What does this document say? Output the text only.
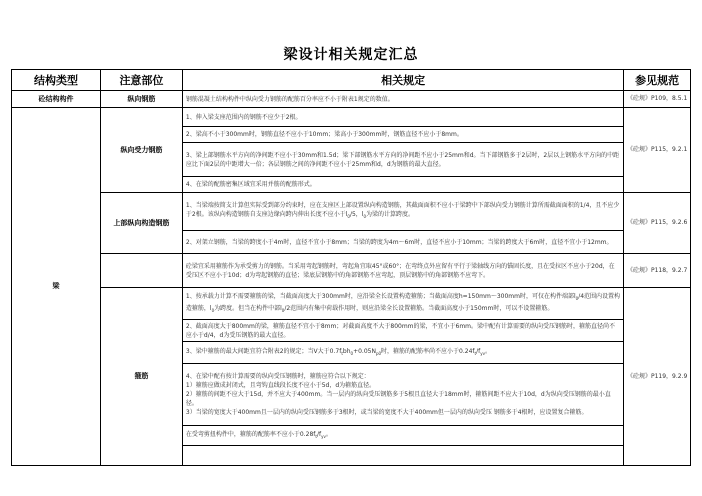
梁设计相关规定汇总
结构类型	注意部位	相关规定	参见规范
砼结构构件	纵向钢筋	钢筋混凝土结构构件中纵向受力钢筋的配筋百分率应不小于附表1规定的数值。	《砼规》P109，8.5.1
梁	纵向受力钢筋	1、伸入梁支座范围内的钢筋不应少于2根。	《砼规》P115，9.2.1
		2、梁高不小于300mm时，钢筋直径不应小于10mm；梁高小于300mm时，钢筋直径不应小于8mm。	
		3、梁上部钢筋水平方向的净间距不应小于30mm和1.5d；梁下部钢筋水平方向的净间距不应小于25mm和d。当下部钢筋多于2层时，2层以上钢筋水平方向的中距应比下面2层的中距增大一倍；各层钢筋之间的净间距不应小于25mm和d，d为钢筋的最大直径。	
		4、在梁的配筋密集区域宜采用并筋的配筋形式。	
	上部纵向构造钢筋	1、当梁端按简支计算但实际受到部分约束时，应在支座区上部设置纵向构造钢筋，其截面面积不应小于梁跨中下部纵向受力钢筋计算所需截面面积的1/4，且不应少于2根。该纵向构造钢筋自支座边缘向跨内伸出长度不应小于$l_0/5$，$l_0$为梁的计算跨度。	《砼规》P115，9.2.6
		2、对架立钢筋，当梁的跨度小于4m时，直径不宜小于8mm；当梁的跨度为4m～6m时，直径不应小于10mm；当梁的跨度大于6m时，直径不宜小于12mm。	
		砼梁宜采用箍筋作为承受剪力的钢筋。当采用弯起钢筋时，弯起角宜取45°或60°；在弯终点外应留有平行于梁轴线方向的锚固长度，且在受拉区不应小于20d，在受压区不应小于10d；d为弯起钢筋的直径；梁底层钢筋中的角部钢筋不应弯起，顶层钢筋中的角部钢筋不应弯下。	《砼规》P118，9.2.7
	箍筋	1、按承载力计算不需要箍筋的梁，当截面高度大于300mm时，应沿梁全长设置构造箍筋；当截面高度h=150mm～300mm时，可仅在构件端部$l_0/4$范围内设置构造箍筋，$l_0$为跨度。但当在构件中部$l_0/2$范围内有集中荷载作用时，则应沿梁全长设置箍筋。当截面高度小于150mm时，可以不设置箍筋。	《砼规》P119，9.2.9
		2、截面高度大于800mm的梁，箍筋直径不宜小于8mm；对截面高度不大于800mm的梁，不宜小于6mm。梁中配有计算需要的纵向受压钢筋时，箍筋直径尚不应小于d/4，d为受压钢筋的最大直径。	
		3、梁中箍筋的最大间距宜符合附表2的规定；当V大于$0.7f_tbh_0+0.05N_{p0}$时，箍筋的配筋率尚不应小于$0.24f_t/f_{yv}$。	
		4、在梁中配有按计算需要的纵向受压钢筋时，箍筋应符合以下规定：
1）箍筋应做成封闭式，且弯钩直线段长度不应小于5d，d为箍筋直径。
2）箍筋的间距不应大于15d，并不应大于400mm。当一层内的纵向受压钢筋多于5根且直径大于18mm时，箍筋间距不应大于10d，d为纵向受压钢筋的最小直径。
3）当梁的宽度大于400mm且一层内的纵向受压钢筋多于3根时，或当梁的宽度不大于400mm但一层内的纵向受压 钢筋多于4根时，应设置复合箍筋。	
		在受弯剪扭构件中，箍筋的配筋率不应小于$0.28f_t/f_{yv}$。	
